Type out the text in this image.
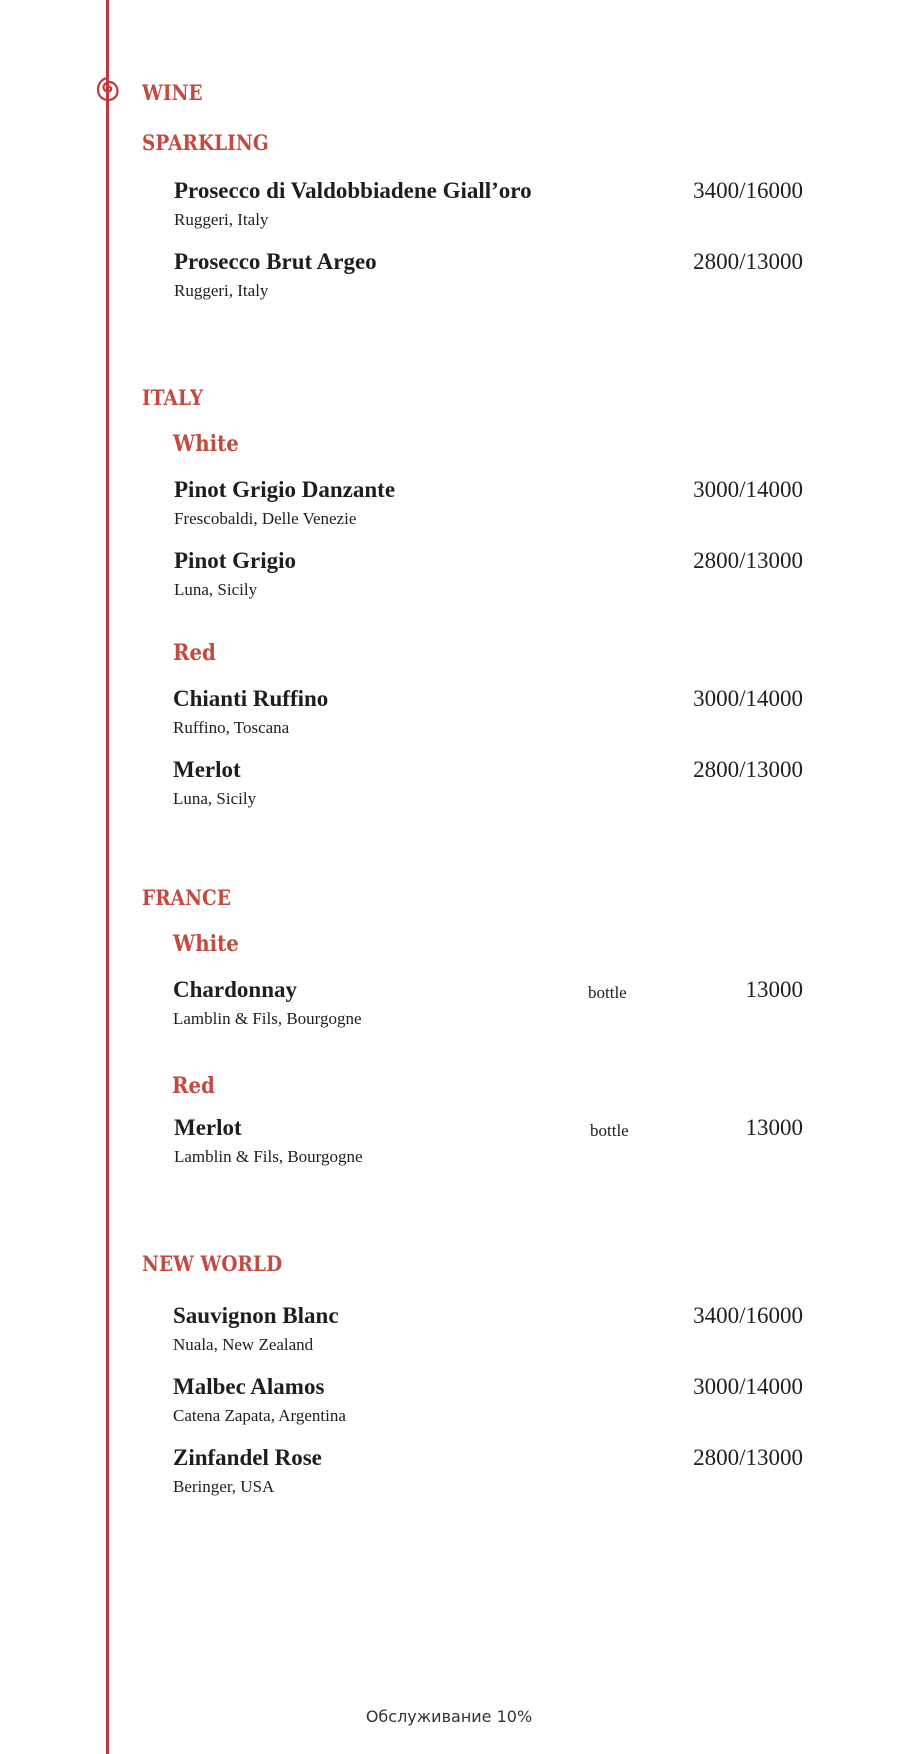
WINE
SPARKLING
Prosecco di Valdobbiadene Giall’oro
Ruggeri, Italy
3400/16000
Prosecco Brut Argeo
Ruggeri, Italy
2800/13000
ITALY
White
Pinot Grigio Danzante
Frescobaldi, Delle Venezie
3000/14000
Pinot Grigio
Luna, Sicily
2800/13000
Red
Chianti Ruffino
Ruffino, Toscana
3000/14000
Merlot
Luna, Sicily
2800/13000
FRANCE
White
Chardonnay
Lamblin & Fils, Bourgogne
bottle	13000
Red
Merlot
Lamblin & Fils, Bourgogne
bottle	13000
NEW WORLD
Sauvignon Blanc
Nuala, New Zealand
3400/16000
Malbec Alamos
Catena Zapata, Argentina
3000/14000
Zinfandel Rose
Beringer, USA
2800/13000
Обслуживание 10%
